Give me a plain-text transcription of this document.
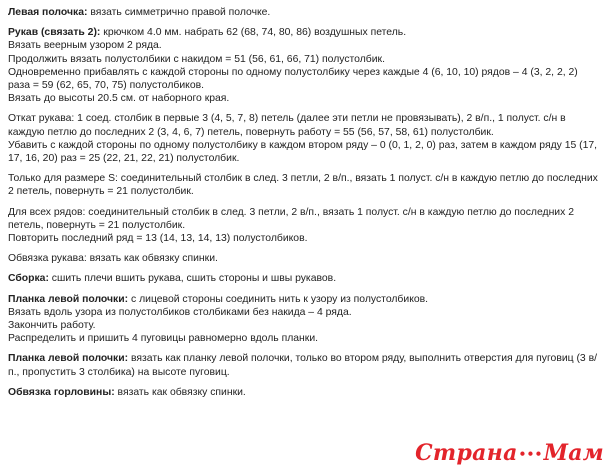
Левая полочка: вязать симметрично правой полочке.
Рукав (связать 2): крючком 4.0 мм. набрать 62 (68, 74, 80, 86) воздушных петель.
Вязать веерным узором 2 ряда.
Продолжить вязать полустолбики с накидом = 51 (56, 61, 66, 71) полустолбик.
Одновременно прибавлять с каждой стороны по одному полустолбику через каждые 4 (6, 10, 10) рядов – 4 (3, 2, 2, 2)
раза = 59 (62, 65, 70, 75) полустолбиков.
Вязать до высоты 20.5 см. от наборного края.
Откат рукава: 1 соед. столбик в первые 3 (4, 5, 7, 8) петель (далее эти петли не провязывать), 2 в/п., 1 полуст. с/н в
каждую петлю до последних 2 (3, 4, 6, 7) петель, повернуть работу = 55 (56, 57, 58, 61) полустолбик.
Убавить с каждой стороны по одному полустолбику в каждом втором ряду – 0 (0, 1, 2, 0) раз, затем в каждом ряду 15 (17,
17, 16, 20) раз = 25 (22, 21, 22, 21) полустолбик.
Только для размере S: соединительный столбик в след. 3 петли, 2 в/п., вязать 1 полуст. с/н в каждую петлю до последних
2 петель, повернуть = 21 полустолбик.
Для всех рядов: соединительный столбик в след. 3 петли, 2 в/п., вязать 1 полуст. с/н в каждую петлю до последних 2
петель, повернуть = 21 полустолбик.
Повторить последний ряд = 13 (14, 13, 14, 13) полустолбиков.
Обвязка рукава: вязать как обвязку спинки.
Сборка: сшить плечи вшить рукава, сшить стороны и швы рукавов.
Планка левой полочки: с лицевой стороны соединить нить к узору из полустолбиков.
Вязать вдоль узора из полустолбиков столбиками без накида – 4 ряда.
Закончить работу.
Распределить и пришить 4 пуговицы равномерно вдоль планки.
Планка левой полочки: вязать как планку левой полочки, только во втором ряду, выполнить отверстия для пуговиц (3 в/
п., пропустить 3 столбика) на высоте пуговиц.
Обвязка горловины: вязать как обвязку спинки.
Страна•••Мам
